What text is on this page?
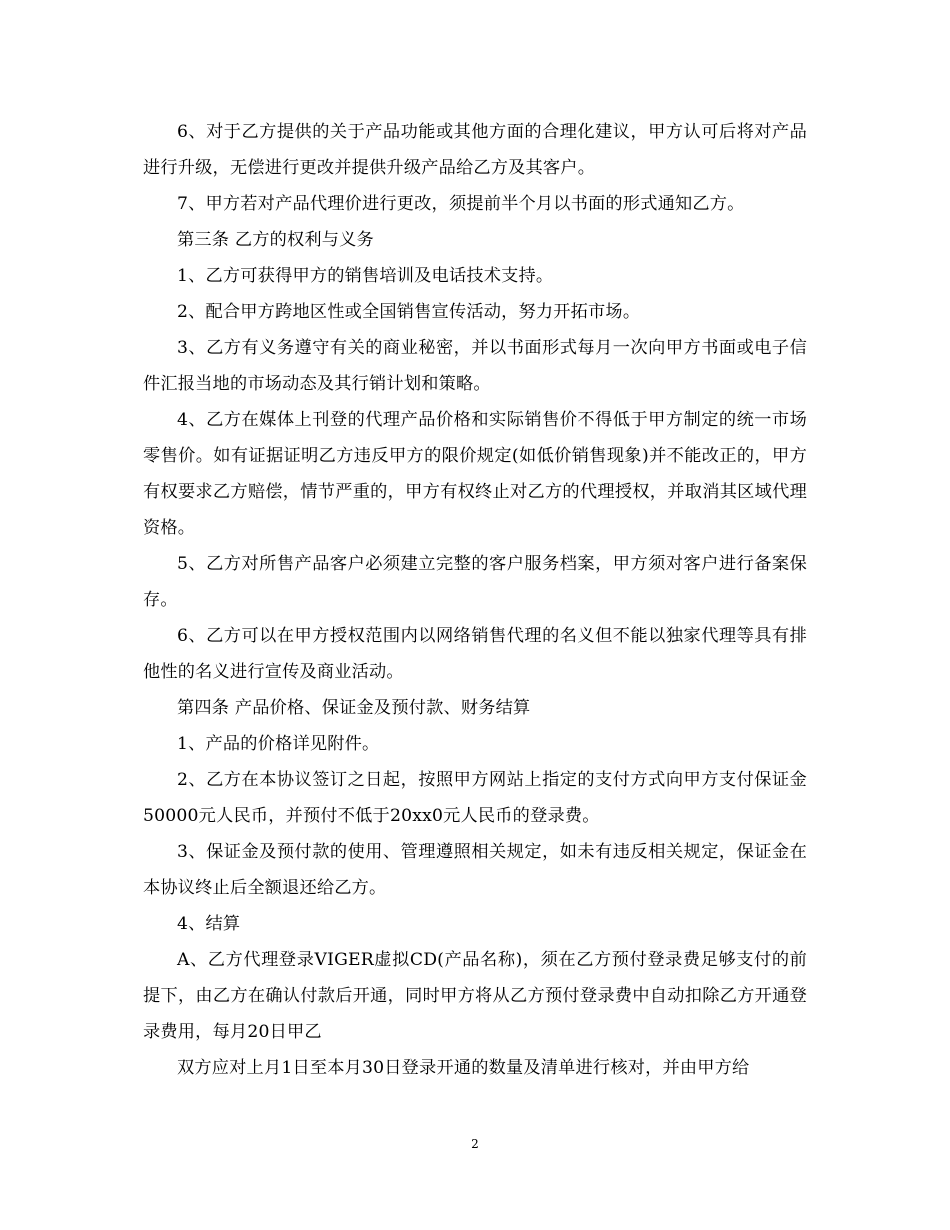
6、对于乙方提供的关于产品功能或其他方面的合理化建议，甲方认可后将对产品进行升级，无偿进行更改并提供升级产品给乙方及其客户。

7、甲方若对产品代理价进行更改，须提前半个月以书面的形式通知乙方。

第三条 乙方的权利与义务

1、乙方可获得甲方的销售培训及电话技术支持。

2、配合甲方跨地区性或全国销售宣传活动，努力开拓市场。

3、乙方有义务遵守有关的商业秘密，并以书面形式每月一次向甲方书面或电子信件汇报当地的市场动态及其行销计划和策略。

4、乙方在媒体上刊登的代理产品价格和实际销售价不得低于甲方制定的统一市场零售价。如有证据证明乙方违反甲方的限价规定(如低价销售现象)并不能改正的，甲方有权要求乙方赔偿，情节严重的，甲方有权终止对乙方的代理授权，并取消其区域代理资格。

5、乙方对所售产品客户必须建立完整的客户服务档案，甲方须对客户进行备案保存。

6、乙方可以在甲方授权范围内以网络销售代理的名义但不能以独家代理等具有排他性的名义进行宣传及商业活动。

第四条 产品价格、保证金及预付款、财务结算

1、产品的价格详见附件。

2、乙方在本协议签订之日起，按照甲方网站上指定的支付方式向甲方支付保证金50000元人民币，并预付不低于20xx0元人民币的登录费。

3、保证金及预付款的使用、管理遵照相关规定，如未有违反相关规定，保证金在本协议终止后全额退还给乙方。

4、结算

A、乙方代理登录VIGER虚拟CD(产品名称)，须在乙方预付登录费足够支付的前提下，由乙方在确认付款后开通，同时甲方将从乙方预付登录费中自动扣除乙方开通登录费用，每月20日甲乙

双方应对上月1日至本月30日登录开通的数量及清单进行核对，并由甲方给

2
